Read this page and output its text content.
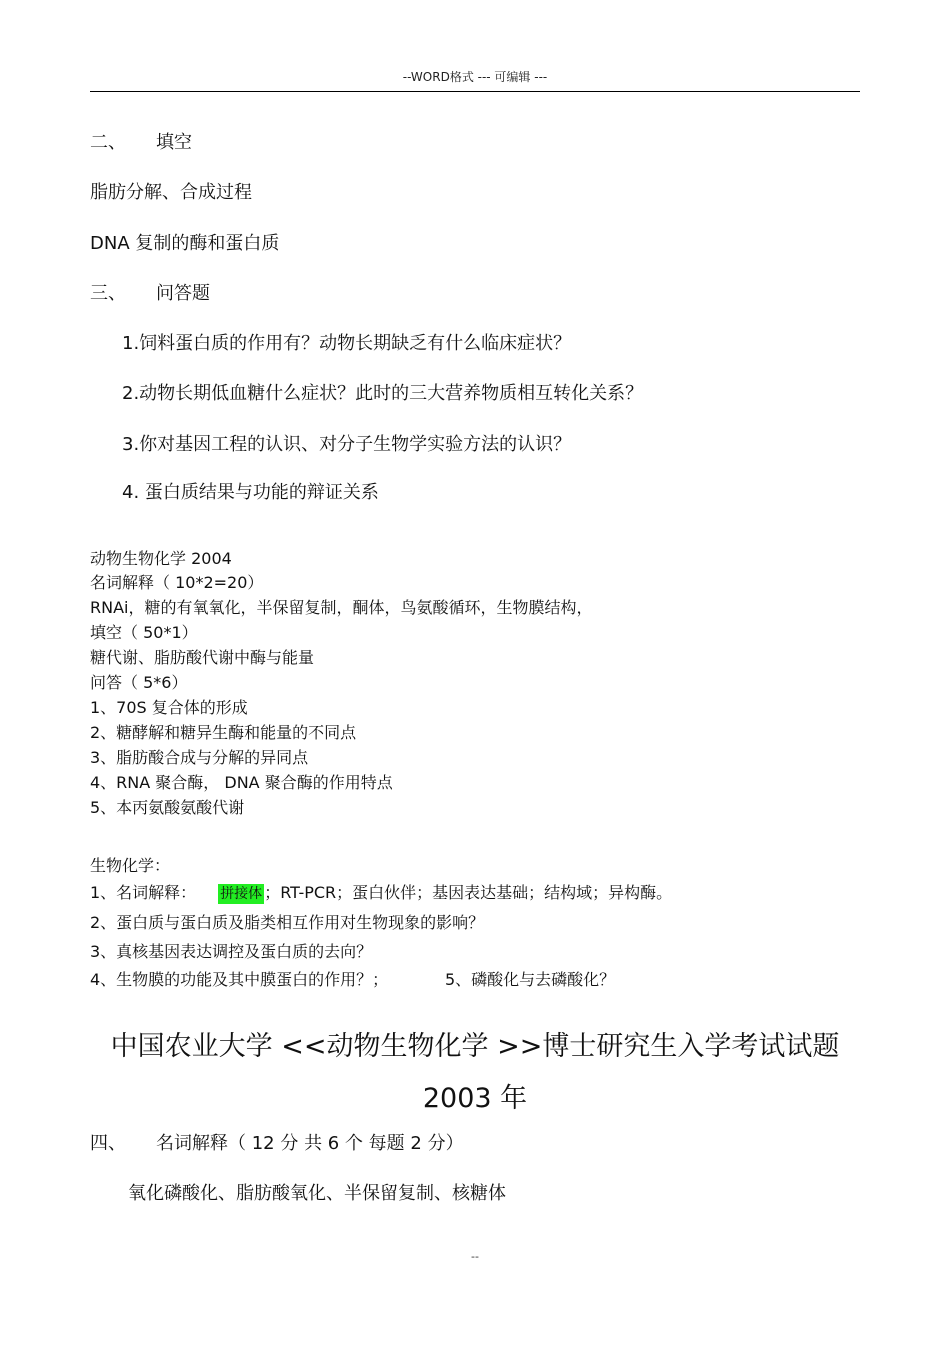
--WORD格式 --- 可编辑 ---
二、 填空
脂肪分解、合成过程
DNA 复制的酶和蛋白质
三、 问答题
1.饲料蛋白质的作用有？动物长期缺乏有什么临床症状？
2.动物长期低血糖什么症状？此时的三大营养物质相互转化关系？
3.你对基因工程的认识、对分子生物学实验方法的认识？
4. 蛋白质结果与功能的辩证关系
动物生物化学 2004
名词解释（ 10*2=20）
RNAi，糖的有氧氧化，半保留复制，酮体，鸟氨酸循环，生物膜结构，
填空（ 50*1）
糖代谢、脂肪酸代谢中酶与能量
问答（ 5*6）
1、70S 复合体的形成
2、糖酵解和糖异生酶和能量的不同点
3、脂肪酸合成与分解的异同点
4、RNA 聚合酶， DNA 聚合酶的作用特点
5、本丙氨酸氨酸代谢
生物化学：
1、名词解释： 拼接体 ；RT-PCR；蛋白伙伴；基因表达基础；结构域；异构酶。
2、蛋白质与蛋白质及脂类相互作用对生物现象的影响？
3、真核基因表达调控及蛋白质的去向？
4、生物膜的功能及其中膜蛋白的作用？；	5、磷酸化与去磷酸化？
中国农业大学 <<动物生物化学 >>博士研究生入学考试试题
2003 年
四、 名词解释（ 12 分 共 6 个 每题 2 分）
氧化磷酸化、脂肪酸氧化、半保留复制、核糖体
--
